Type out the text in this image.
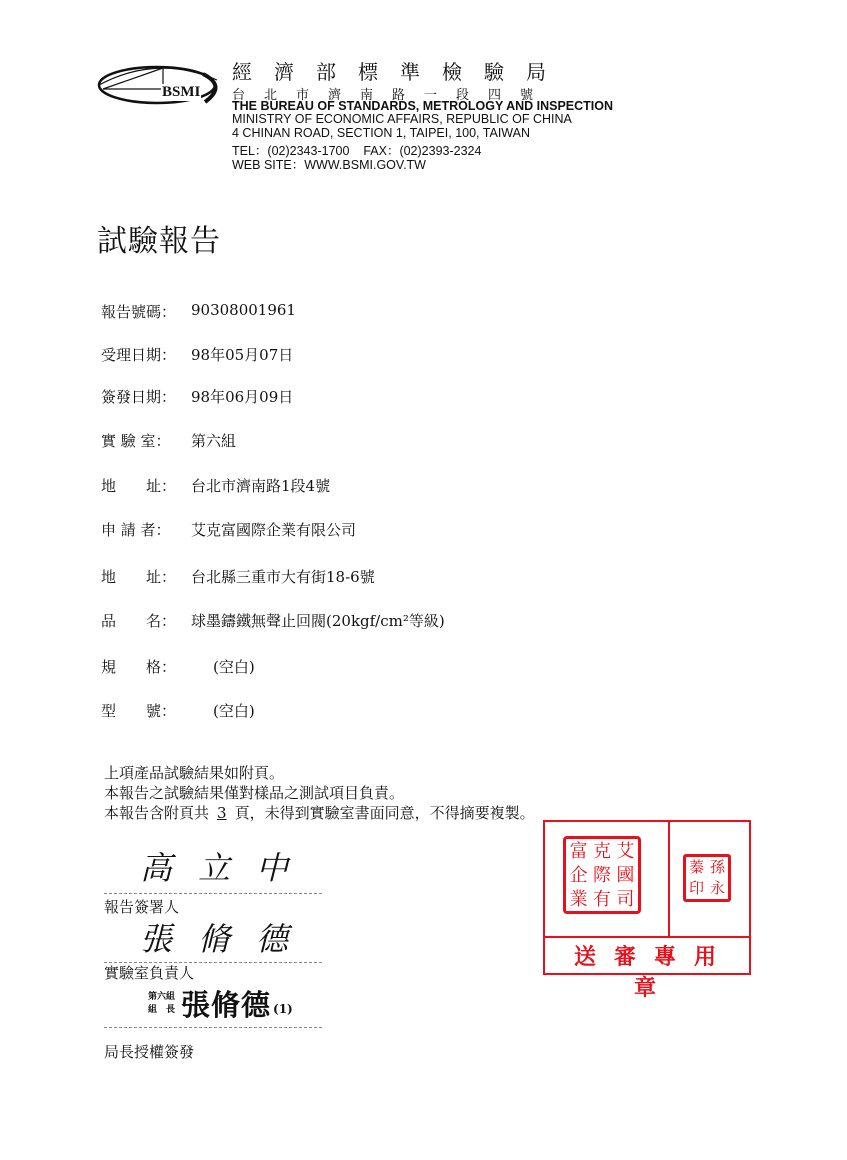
BSMI
經濟部標準檢驗局
台北市濟南路一段四號
THE BUREAU OF STANDARDS, METROLOGY AND INSPECTION
MINISTRY OF ECONOMIC AFFAIRS, REPUBLIC OF CHINA
4 CHINAN ROAD, SECTION 1, TAIPEI, 100, TAIWAN
TEL：(02)2343-1700    FAX：(02)2393-2324
WEB SITE：WWW.BSMI.GOV.TW
試驗報告
報告號碼： 90308001961
受理日期： 98年05月07日
簽發日期： 98年06月09日
實 驗 室：	第六組
地　　址： 台北市濟南路1段4號
申 請 者：	艾克富國際企業有限公司
地　　址： 台北縣三重市大有街18-6號
品　　名： 球墨鑄鐵無聲止回閥(20kgf/cm²等級)
規　　格：	(空白)
型　　號：	(空白)
上項產品試驗結果如附頁。
本報告之試驗結果僅對樣品之測試項目負責。
本報告含附頁共 3 頁，未得到實驗室書面同意，不得摘要複製。
高立中
報告簽署人
張脩德
實驗室負責人
第六組
組　長 張脩德 (1)
局長授權簽發
富 克 艾
企 際 國
業 有 司
蓁 孫
印 永
送審專用章
